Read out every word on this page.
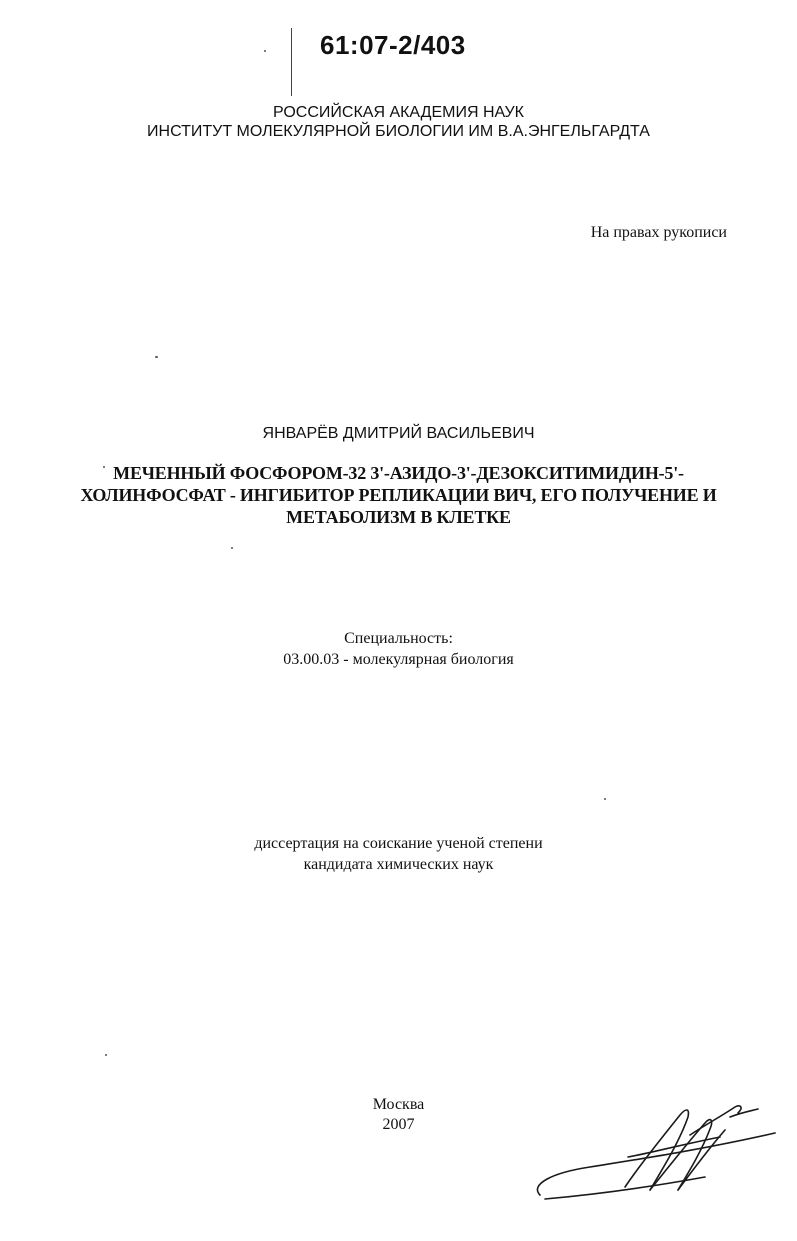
61:07-2/403
РОССИЙСКАЯ АКАДЕМИЯ НАУК
ИНСТИТУТ МОЛЕКУЛЯРНОЙ БИОЛОГИИ ИМ В.А.ЭНГЕЛЬГАРДТА
На правах рукописи
ЯНВАРЁВ ДМИТРИЙ ВАСИЛЬЕВИЧ
МЕЧЕННЫЙ ФОСФОРОМ-32 3'-АЗИДО-3'-ДЕЗОКСИТИМИДИН-5'-
ХОЛИНФОСФАТ - ИНГИБИТОР РЕПЛИКАЦИИ ВИЧ, ЕГО ПОЛУЧЕНИЕ И
МЕТАБОЛИЗМ В КЛЕТКЕ
Специальность:
03.00.03 - молекулярная биология
диссертация на соискание ученой степени
кандидата химических наук
Москва
2007
